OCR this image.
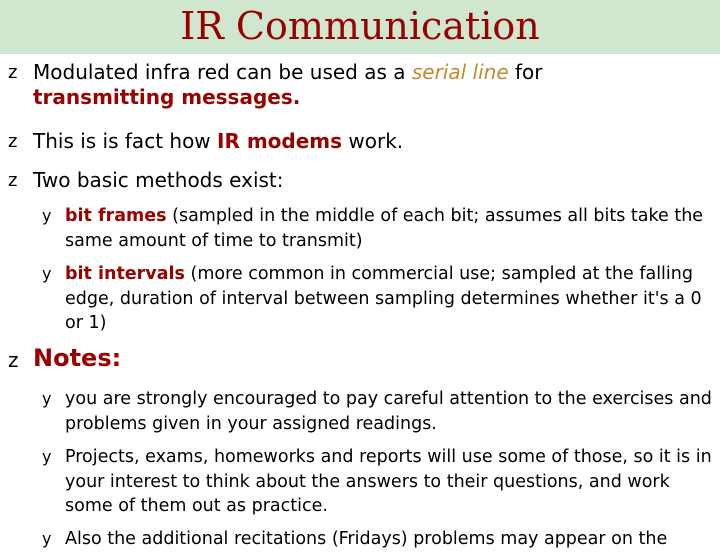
IR Communication
z Modulated infra red can be used as a serial line for
transmitting messages.
z This is is fact how IR modems work.
z Two basic methods exist:
y bit frames (sampled in the middle of each bit; assumes all bits take the same amount of time to transmit)
y bit intervals (more common in commercial use; sampled at the falling edge, duration of interval between sampling determines whether it's a 0 or 1)
z Notes:
y you are strongly encouraged to pay careful attention to the exercises and problems given in your assigned readings.
y Projects, exams, homeworks and reports will use some of those, so it is in your interest to think about the answers to their questions, and work some of them out as practice.
y Also the additional recitations (Fridays) problems may appear on the
